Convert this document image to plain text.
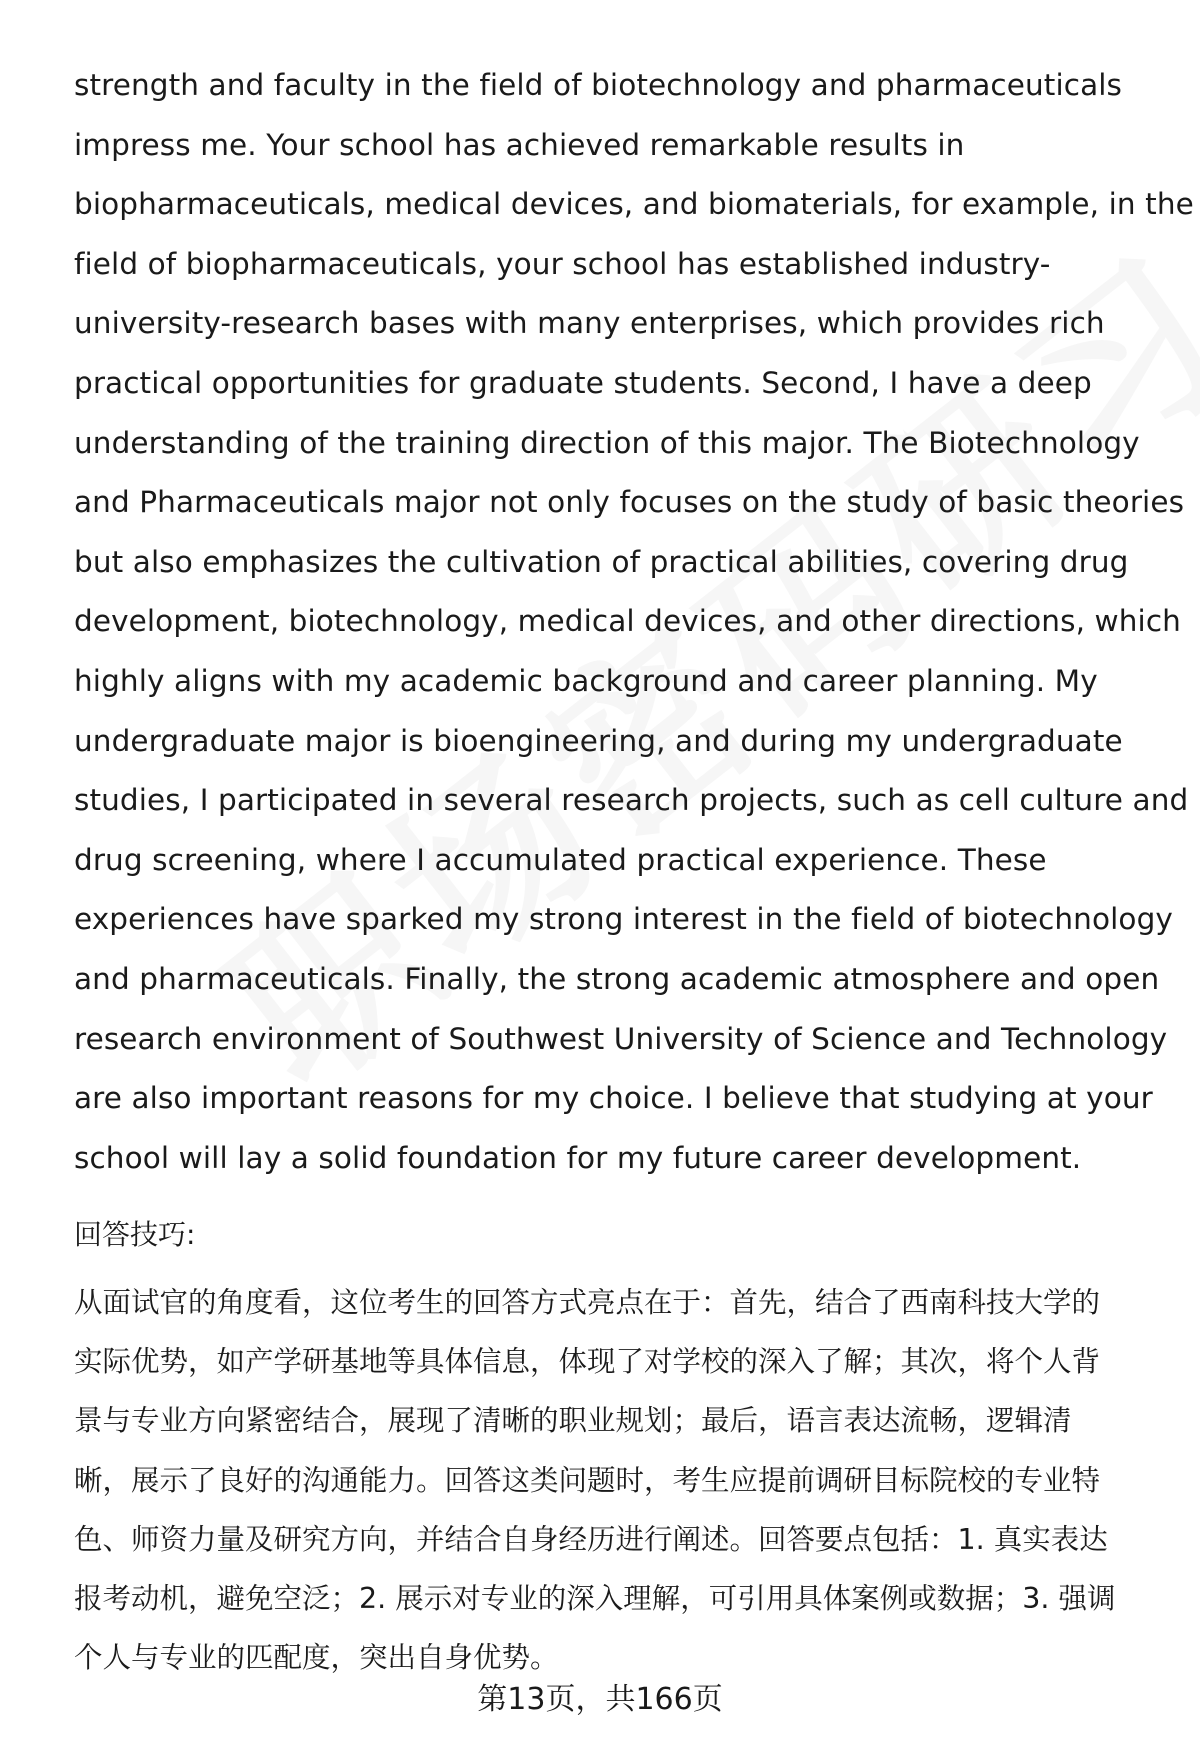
strength and faculty in the field of biotechnology and pharmaceuticals
impress me. Your school has achieved remarkable results in
biopharmaceuticals, medical devices, and biomaterials, for example, in the
field of biopharmaceuticals, your school has established industry-
university-research bases with many enterprises, which provides rich
practical opportunities for graduate students. Second, I have a deep
understanding of the training direction of this major. The Biotechnology
and Pharmaceuticals major not only focuses on the study of basic theories
but also emphasizes the cultivation of practical abilities, covering drug
development, biotechnology, medical devices, and other directions, which
highly aligns with my academic background and career planning. My
undergraduate major is bioengineering, and during my undergraduate
studies, I participated in several research projects, such as cell culture and
drug screening, where I accumulated practical experience. These
experiences have sparked my strong interest in the field of biotechnology
and pharmaceuticals. Finally, the strong academic atmosphere and open
research environment of Southwest University of Science and Technology
are also important reasons for my choice. I believe that studying at your
school will lay a solid foundation for my future career development.

回答技巧:

从面试官的角度看，这位考生的回答方式亮点在于：首先，结合了西南科技大学的
实际优势，如产学研基地等具体信息，体现了对学校的深入了解；其次，将个人背
景与专业方向紧密结合，展现了清晰的职业规划；最后，语言表达流畅，逻辑清
晰，展示了良好的沟通能力。回答这类问题时，考生应提前调研目标院校的专业特
色、师资力量及研究方向，并结合自身经历进行阐述。回答要点包括：1. 真实表达
报考动机，避免空泛；2. 展示对专业的深入理解，可引用具体案例或数据；3. 强调
个人与专业的匹配度，突出自身优势。

第13页，共166页
